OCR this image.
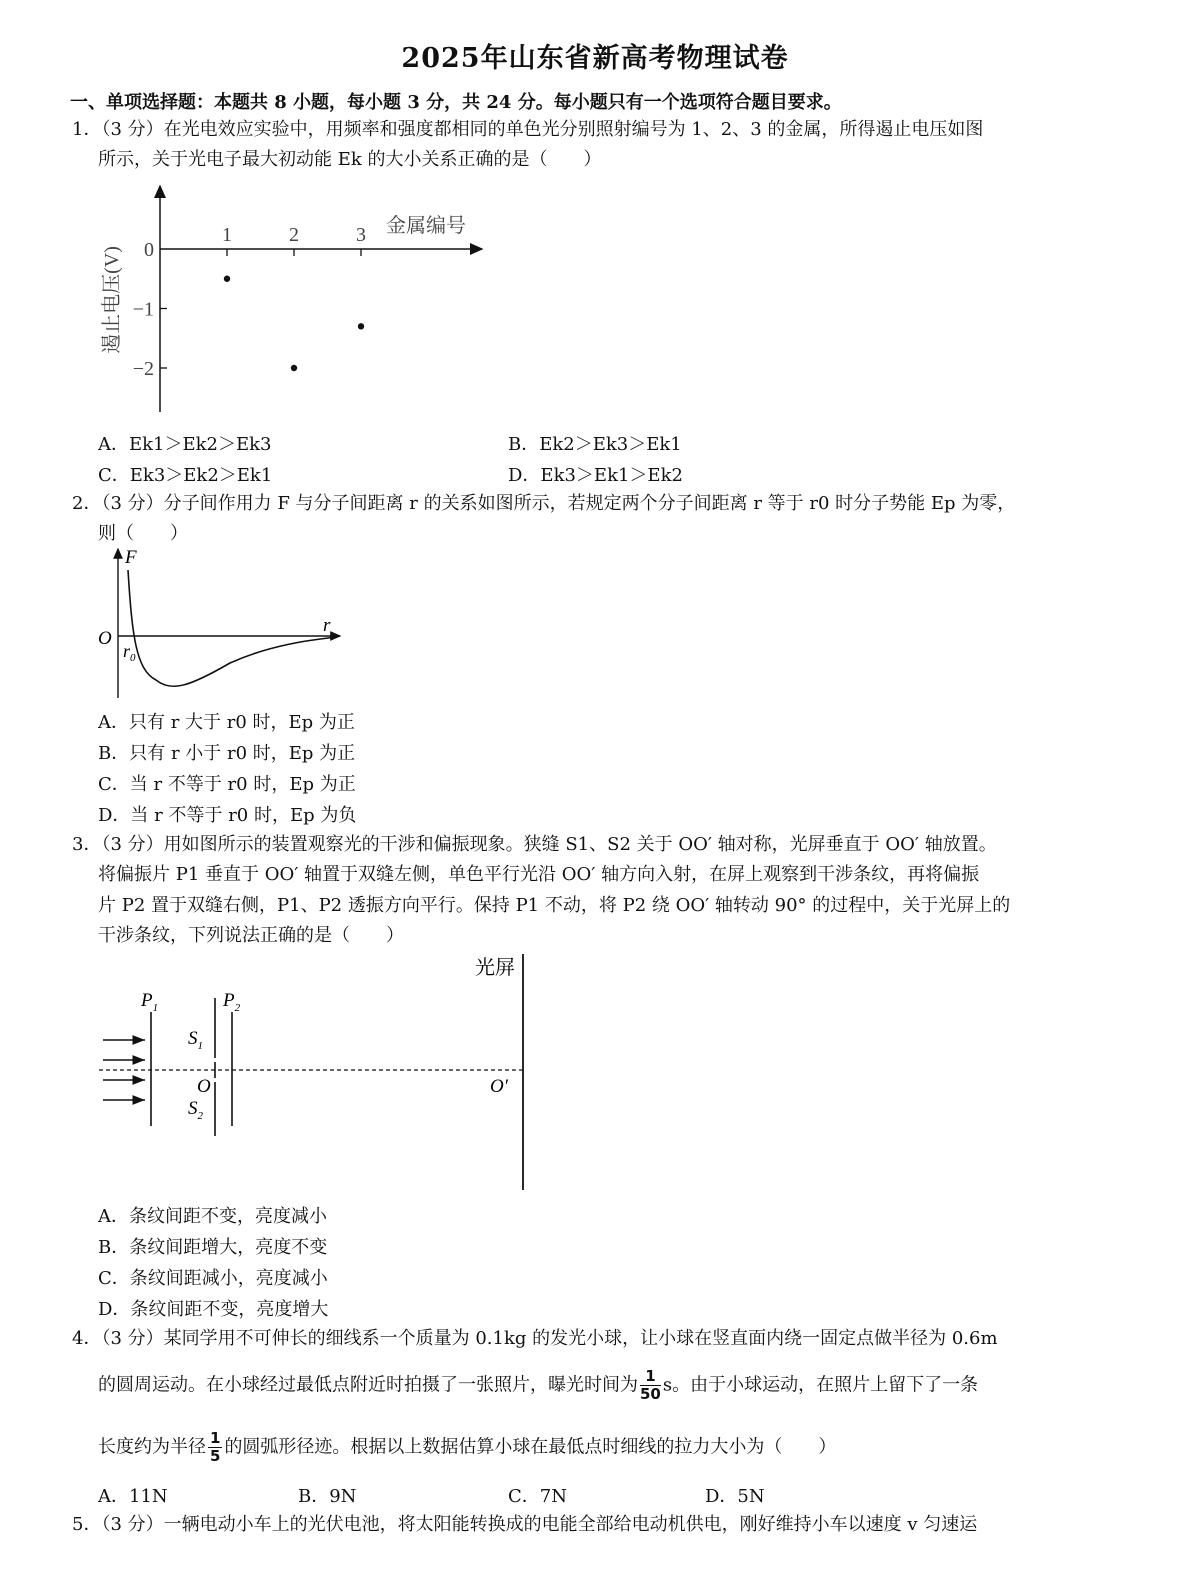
2025年山东省新高考物理试卷
一、单项选择题：本题共 8 小题，每小题 3 分，共 24 分。每小题只有一个选项符合题目要求。
1．（3 分）在光电效应实验中，用频率和强度都相同的单色光分别照射编号为 1、2、3 的金属，所得遏止电压如图
所示，关于光电子最大初动能 Ek 的大小关系正确的是（　　）
1	2	3
0
−1
−2
金属编号
遏止电压(V)
A．Ek1＞Ek2＞Ek3	B．Ek2＞Ek3＞Ek1
C．Ek3＞Ek2＞Ek1	D．Ek3＞Ek1＞Ek2
2．（3 分）分子间作用力 F 与分子间距离 r 的关系如图所示，若规定两个分子间距离 r 等于 r0 时分子势能 Ep 为零，
则（　　）
F
O
r
$r_0$
A．只有 r 大于 r0 时，Ep 为正
B．只有 r 小于 r0 时，Ep 为正
C．当 r 不等于 r0 时，Ep 为正
D．当 r 不等于 r0 时，Ep 为负
3．（3 分）用如图所示的装置观察光的干涉和偏振现象。狭缝 S1、S2 关于 OO′ 轴对称，光屏垂直于 OO′ 轴放置。
将偏振片 P1 垂直于 OO′ 轴置于双缝左侧，单色平行光沿 OO′ 轴方向入射，在屏上观察到干涉条纹，再将偏振
片 P2 置于双缝右侧，P1、P2 透振方向平行。保持 P1 不动，将 P2 绕 OO′ 轴转动 90° 的过程中，关于光屏上的
干涉条纹，下列说法正确的是（　　）
光屏
$P_1$	$P_2$
$S_1$
$S_2$
O	O′
A．条纹间距不变，亮度减小
B．条纹间距增大，亮度不变
C．条纹间距减小，亮度减小
D．条纹间距不变，亮度增大
4．（3 分）某同学用不可伸长的细线系一个质量为 0.1kg 的发光小球，让小球在竖直面内绕一固定点做半径为 0.6m
的圆周运动。在小球经过最低点附近时拍摄了一张照片，曝光时间为 $\frac{1}{50}$ s。由于小球运动，在照片上留下了一条
长度约为半径 $\frac{1}{5}$ 的圆弧形径迹。根据以上数据估算小球在最低点时细线的拉力大小为（　　）
A．11N	B．9N	C．7N	D．5N
5．（3 分）一辆电动小车上的光伏电池，将太阳能转换成的电能全部给电动机供电，刚好维持小车以速度 v 匀速运
